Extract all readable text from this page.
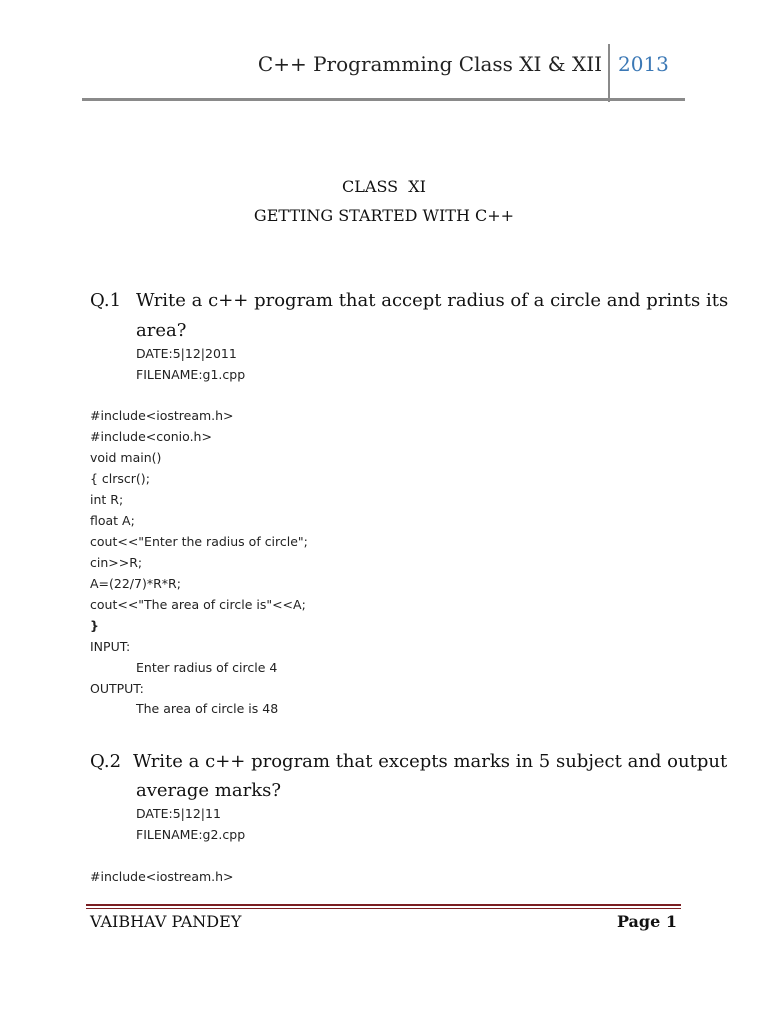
C++ Programming Class XI & XII 2013
CLASS  XI
GETTING STARTED WITH C++
Q.1 Write a c++ program that accept radius of a circle and prints its
area?
DATE:5|12|2011
FILENAME:g1.cpp
#include<iostream.h>
#include<conio.h>
void main()
{ clrscr();
int R;
float A;
cout<<"Enter the radius of circle";
cin>>R;
A=(22/7)*R*R;
cout<<"The area of circle is"<<A;
}
INPUT:
Enter radius of circle 4
OUTPUT:
The area of circle is 48
Q.2 Write a c++ program that excepts marks in 5 subject and output
average marks?
DATE:5|12|11
FILENAME:g2.cpp
#include<iostream.h>
VAIBHAV PANDEY	Page 1
